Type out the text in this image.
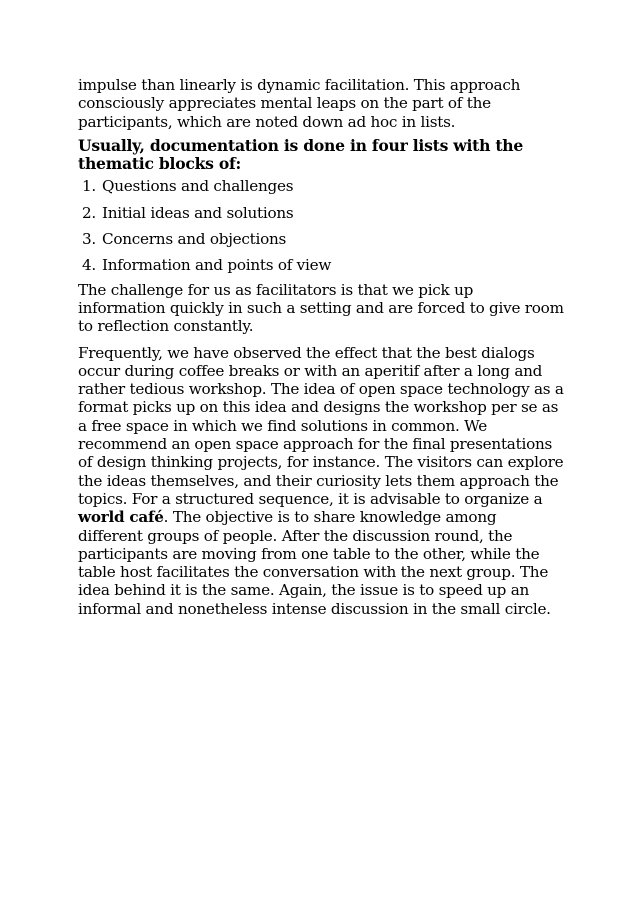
impulse than linearly is dynamic facilitation. This approach consciously appreciates mental leaps on the part of the participants, which are noted down ad hoc in lists.

Usually, documentation is done in four lists with the thematic blocks of:

1. Questions and challenges
2. Initial ideas and solutions
3. Concerns and objections
4. Information and points of view

The challenge for us as facilitators is that we pick up information quickly in such a setting and are forced to give room to reflection constantly.

Frequently, we have observed the effect that the best dialogs occur during coffee breaks or with an aperitif after a long and rather tedious workshop. The idea of open space technology as a format picks up on this idea and designs the workshop per se as a free space in which we find solutions in common. We recommend an open space approach for the final presentations of design thinking projects, for instance. The visitors can explore the ideas themselves, and their curiosity lets them approach the topics. For a structured sequence, it is advisable to organize a world café. The objective is to share knowledge among different groups of people. After the discussion round, the participants are moving from one table to the other, while the table host facilitates the conversation with the next group. The idea behind it is the same. Again, the issue is to speed up an informal and nonetheless intense discussion in the small circle.
